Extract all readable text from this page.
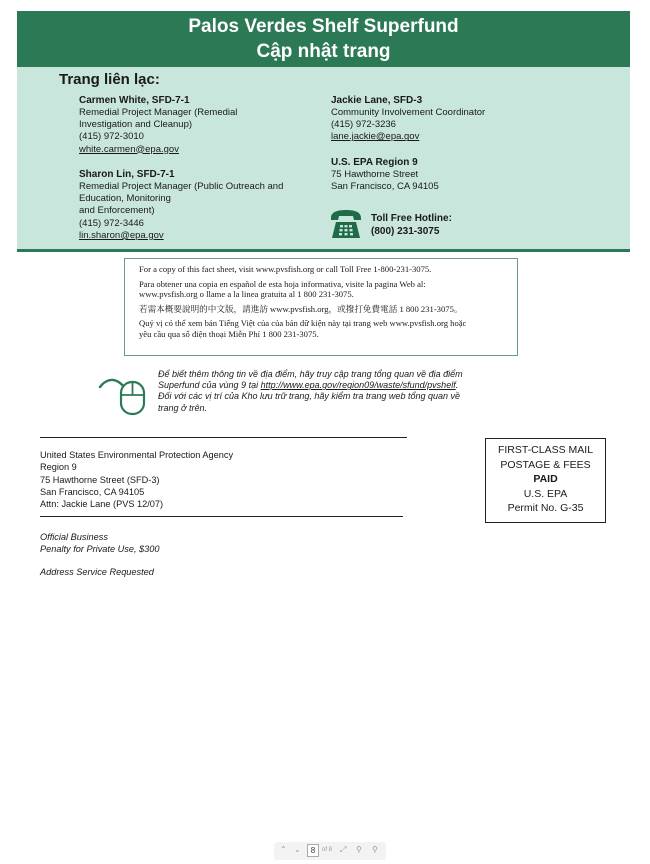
Palos Verdes Shelf Superfund
Cập nhật trang
Trang liên lạc:
Carmen White, SFD-7-1
Remedial Project Manager (Remedial
Investigation and Cleanup)
(415) 972-3010
white.carmen@epa.gov
Sharon Lin, SFD-7-1
Remedial Project Manager (Public Outreach and
Education, Monitoring
and Enforcement)
(415) 972-3446
lin.sharon@epa.gov
Jackie Lane, SFD-3
Community Involvement Coordinator
(415) 972-3236
lane.jackie@epa.gov
U.S. EPA Region 9
75 Hawthorne Street
San Francisco, CA 94105
Toll Free Hotline:
(800) 231-3075

For a copy of this fact sheet, visit www.pvsfish.org or call Toll Free 1-800-231-3075.

Para obtener una copia en español de esta hoja informativa, visite la pagina Web al:
www.pvsfish.org o llame a la linea gratuita al 1 800 231-3075.

若需本概要說明的中文版，請進訪 www.pvsfish.org，或撥打免費電話 1 800 231-3075。

Quý vị có thể xem bản Tiếng Việt của của bản dữ kiện này tại trang web www.pvsfish.org hoặc
yêu cầu qua số điện thoại Miễn Phí 1 800 231-3075.

Để biết thêm thông tin về địa điểm, hãy truy cập trang tổng quan về địa điểm
Superfund của vùng 9 tại http://www.epa.gov/region09/waste/sfund/pvshelf.
Đối với các vị trí của Kho lưu trữ trang, hãy kiểm tra trang web tổng quan về
trang ở trên.
United States Environmental Protection Agency
Region 9
75 Hawthorne Street (SFD-3)
San Francisco, CA 94105
Attn: Jackie Lane (PVS 12/07)
Official Business
Penalty for Private Use, $300
Address Service Requested
FIRST-CLASS MAIL
POSTAGE & FEES
PAID
U.S. EPA
Permit No. G-35
⌃ ⌄	8	of 8 ⤢ ⚲ ⚲
